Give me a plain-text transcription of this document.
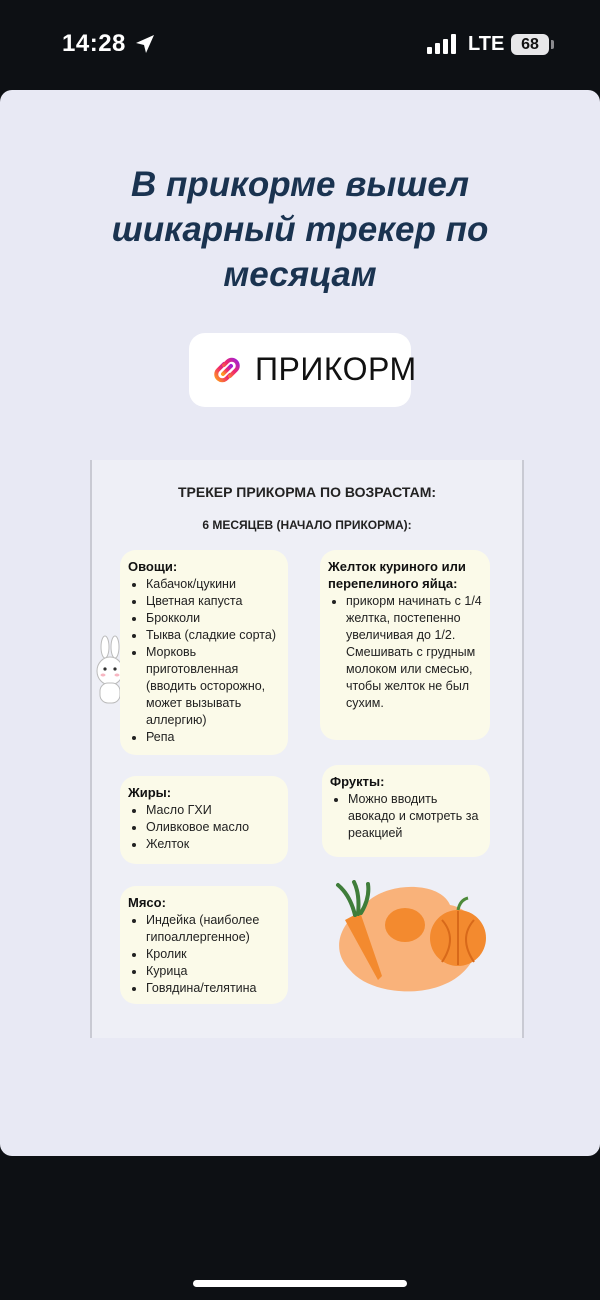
14:28	LTE	68
В прикорме вышел шикарный трекер по месяцам
ПРИКОРМ

ТРЕКЕР ПРИКОРМА ПО ВОЗРАСТАМ:

6 МЕСЯЦЕВ (НАЧАЛО ПРИКОРМА):

Овощи:

• Кабачок/цукини
• Цветная капуста
• Брокколи
• Тыква (сладкие сорта)
• Морковь приготовленная (вводить осторожно, может вызывать аллергию)
• Репа

Желток куриного или перепелиного яйца:

• прикорм начинать с 1/4 желтка, постепенно увеличивая до 1/2. Смешивать с грудным молоком или смесью, чтобы желток не был сухим.

Жиры:

• Масло ГХИ
• Оливковое масло
• Желток

Фрукты:

• Можно вводить авокадо и смотреть за реакцией

Мясо:

• Индейка (наиболее гипоаллергенное)
• Кролик
• Курица
• Говядина/телятина
